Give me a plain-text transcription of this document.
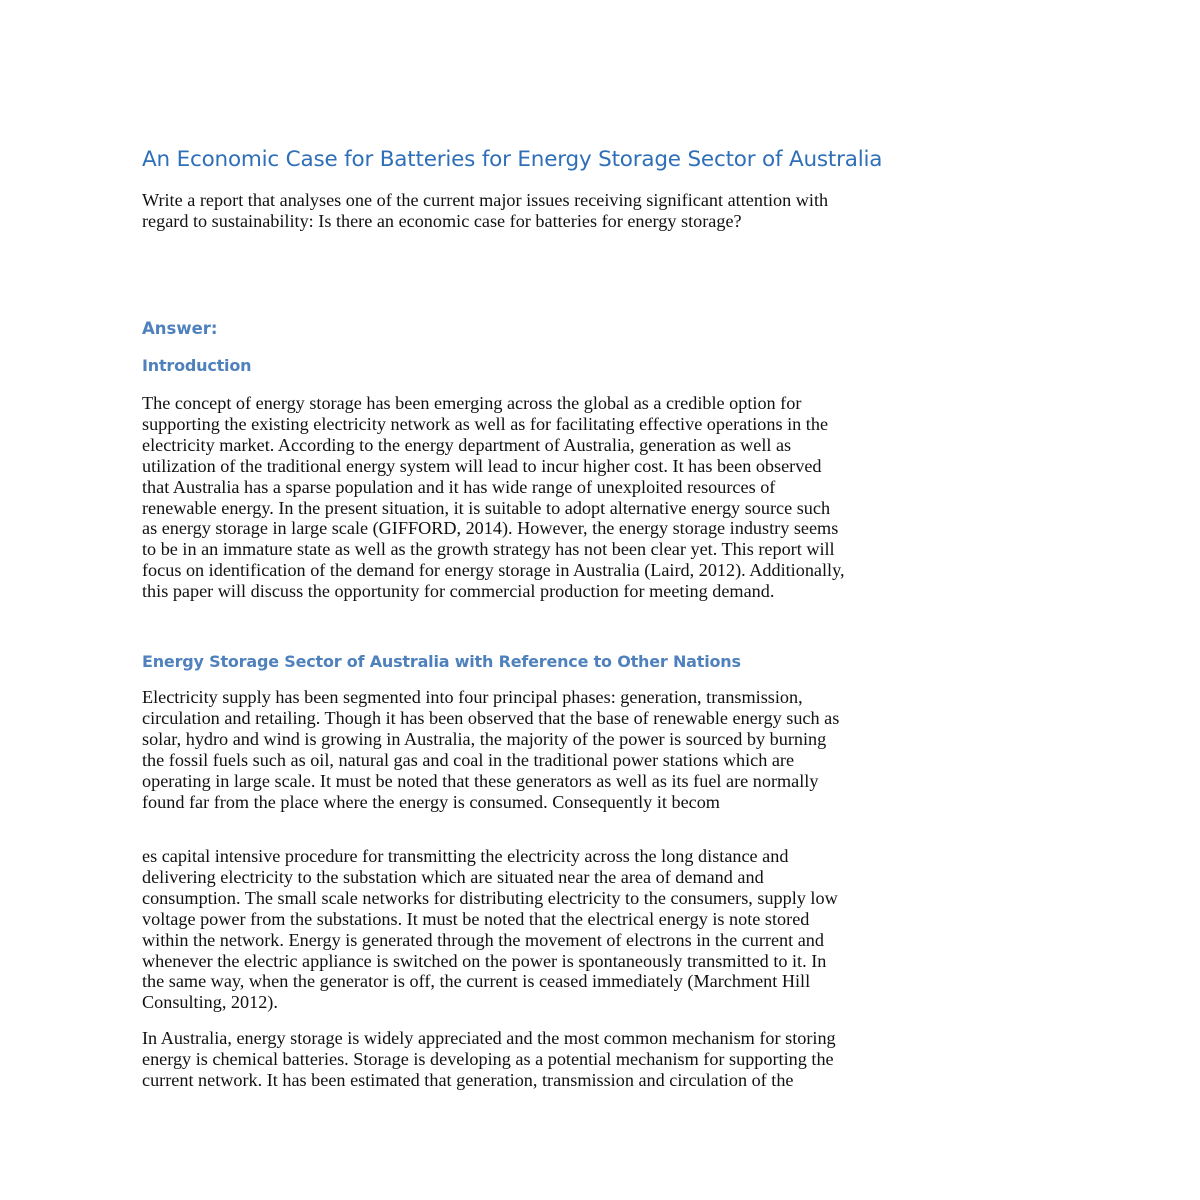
An Economic Case for Batteries for Energy Storage Sector of Australia

Write a report that analyses one of the current major issues receiving significant attention with
regard to sustainability: Is there an economic case for batteries for energy storage?

Answer:
Introduction

The concept of energy storage has been emerging across the global as a credible option for
supporting the existing electricity network as well as for facilitating effective operations in the
electricity market. According to the energy department of Australia, generation as well as
utilization of the traditional energy system will lead to incur higher cost. It has been observed
that Australia has a sparse population and it has wide range of unexploited resources of
renewable energy. In the present situation, it is suitable to adopt alternative energy source such
as energy storage in large scale (GIFFORD, 2014). However, the energy storage industry seems
to be in an immature state as well as the growth strategy has not been clear yet. This report will
focus on identification of the demand for energy storage in Australia (Laird, 2012). Additionally,
this paper will discuss the opportunity for commercial production for meeting demand.

Energy Storage Sector of Australia with Reference to Other Nations

Electricity supply has been segmented into four principal phases: generation, transmission,
circulation and retailing. Though it has been observed that the base of renewable energy such as
solar, hydro and wind is growing in Australia, the majority of the power is sourced by burning
the fossil fuels such as oil, natural gas and coal in the traditional power stations which are
operating in large scale. It must be noted that these generators as well as its fuel are normally
found far from the place where the energy is consumed. Consequently it becom

es capital intensive procedure for transmitting the electricity across the long distance and
delivering electricity to the substation which are situated near the area of demand and
consumption. The small scale networks for distributing electricity to the consumers, supply low
voltage power from the substations. It must be noted that the electrical energy is note stored
within the network. Energy is generated through the movement of electrons in the current and
whenever the electric appliance is switched on the power is spontaneously transmitted to it. In
the same way, when the generator is off, the current is ceased immediately (Marchment Hill
Consulting, 2012).

In Australia, energy storage is widely appreciated and the most common mechanism for storing
energy is chemical batteries. Storage is developing as a potential mechanism for supporting the
current network. It has been estimated that generation, transmission and circulation of the
